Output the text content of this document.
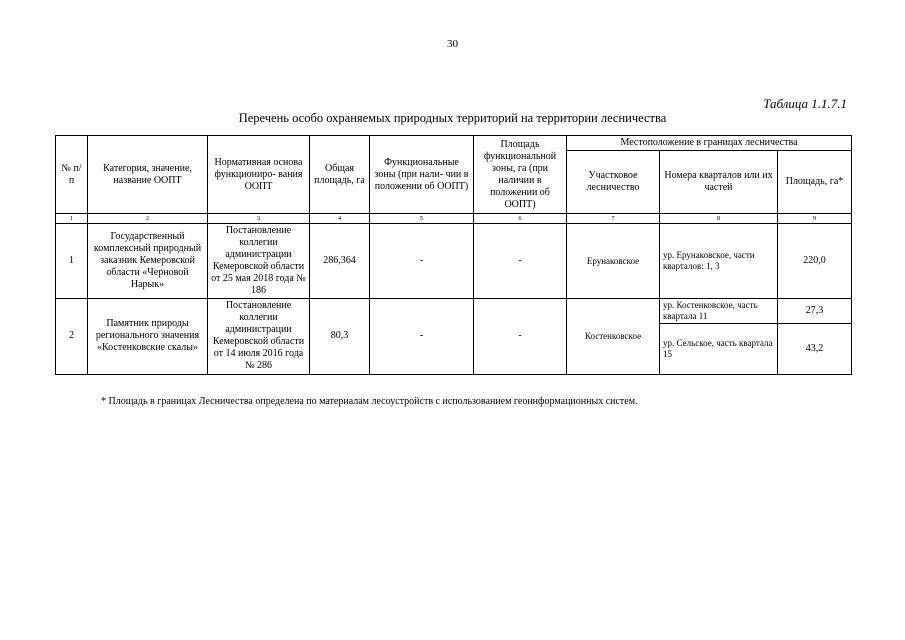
30
Таблица 1.1.7.1
Перечень особо охраняемых природных территорий на территории лесничества
№ п/п	Категория, значение, название ООПТ	Нормативная основа функциониро- вания ООПТ	Общая площадь, га	Функциональные зоны (при нали- чии в положении об ООПТ)	Площадь функциональной зоны, га (при наличии в положении об ООПТ)	Местоположение в границах лесничества		
						Участковое лесничество	Номера кварталов или их частей	Площадь, га*
1	2	3	4	5	6	7	8	9
1	Государственный комплексный природный заказник Кемеровской области «Черновой Нарык»	Постановление коллегии администрации Кемеровской области от 25 мая 2018 года № 186	286,364	-	-	Ерунаковское	ур. Ерунаковское, части кварталов: 1, 3	220,0
2	Памятник природы регионального значения «Костенковские скалы»	Постановление коллегии администрации Кемеровской области от 14 июля 2016 года № 286	80,3	-	-	Костенковское	ур. Костенковское, часть квартала 11	27,3
							ур. Сельское, часть квартала 15	43,2
* Площадь в границах Лесничества определена по материалам лесоустройств с использованием геоинформационных систем.
